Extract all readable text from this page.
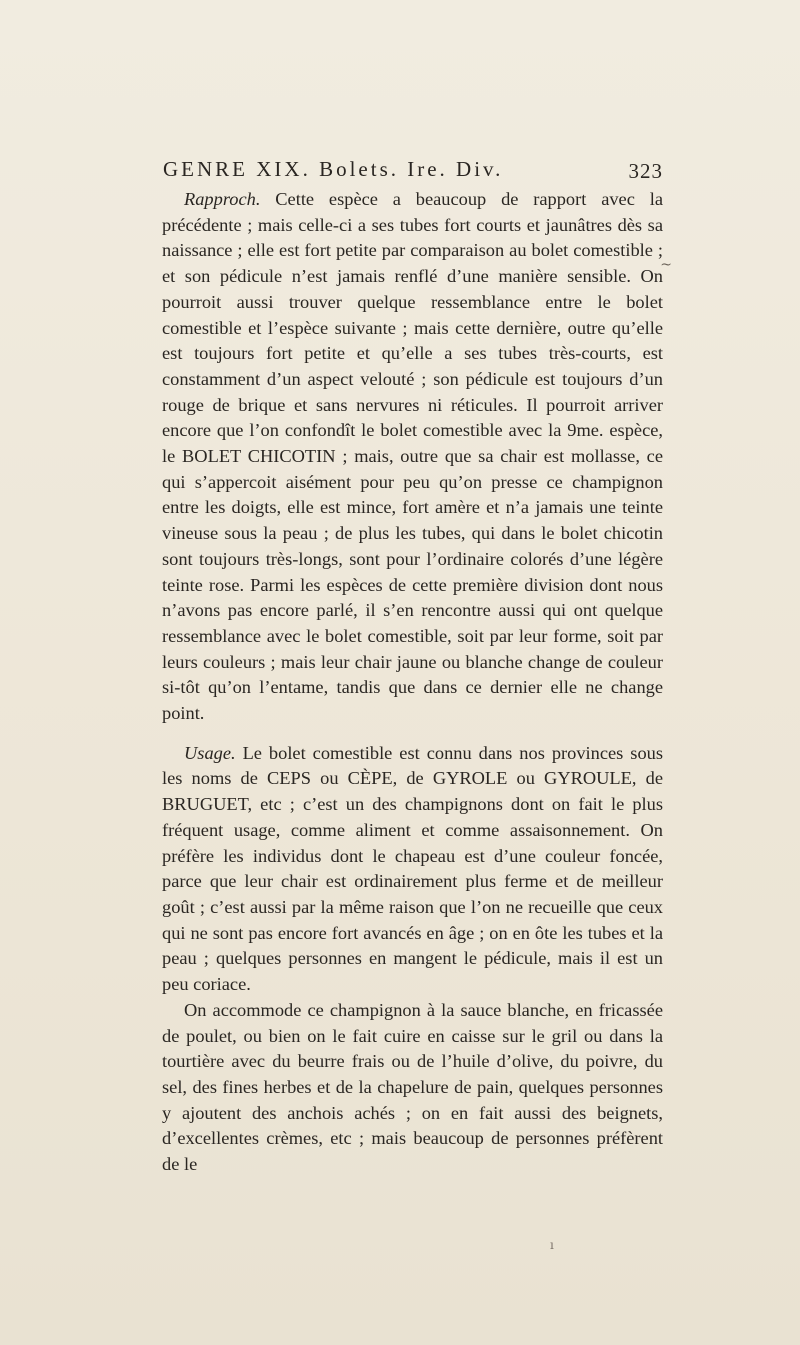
GENRE XIX. Bolets. Ire. Div.	323
~

Rapproch. Cette espèce a beaucoup de rapport avec la précédente ; mais celle-ci a ses tubes fort courts et jaunâtres dès sa naissance ; elle est fort petite par comparaison au bolet comestible ; et son pédicule n’est jamais renflé d’une manière sensible. On pourroit aussi trouver quelque ressemblance entre le bolet comestible et l’espèce suivante ; mais cette dernière, outre qu’elle est toujours fort petite et qu’elle a ses tubes très-courts, est constamment d’un aspect velouté ; son pédicule est toujours d’un rouge de brique et sans nervures ni réticules. Il pourroit arriver encore que l’on confondît le bolet comestible avec la 9me. espèce, le BOLET CHICOTIN ; mais, outre que sa chair est mollasse, ce qui s’appercoit aisément pour peu qu’on presse ce champignon entre les doigts, elle est mince, fort amère et n’a jamais une teinte vineuse sous la peau ; de plus les tubes, qui dans le bolet chicotin sont toujours très-longs, sont pour l’ordinaire colorés d’une légère teinte rose. Parmi les espèces de cette première division dont nous n’avons pas encore parlé, il s’en rencontre aussi qui ont quelque ressemblance avec le bolet comestible, soit par leur forme, soit par leurs couleurs ; mais leur chair jaune ou blanche change de couleur si-tôt qu’on l’entame, tandis que dans ce dernier elle ne change point.

Usage. Le bolet comestible est connu dans nos provinces sous les noms de CEPS ou CÈPE, de GYROLE ou GYROULE, de BRUGUET, etc ; c’est un des champignons dont on fait le plus fréquent usage, comme aliment et comme assaisonnement. On préfère les individus dont le chapeau est d’une couleur foncée, parce que leur chair est ordinairement plus ferme et de meilleur goût ; c’est aussi par la même raison que l’on ne recueille que ceux qui ne sont pas encore fort avancés en âge ; on en ôte les tubes et la peau ; quelques personnes en mangent le pédicule, mais il est un peu coriace.

On accommode ce champignon à la sauce blanche, en fricassée de poulet, ou bien on le fait cuire en caisse sur le gril ou dans la tourtière avec du beurre frais ou de l’huile d’olive, du poivre, du sel, des fines herbes et de la chapelure de pain, quelques personnes y ajoutent des anchois achés ; on en fait aussi des beignets, d’excellentes crèmes, etc ; mais beaucoup de personnes préfèrent de le

ı
